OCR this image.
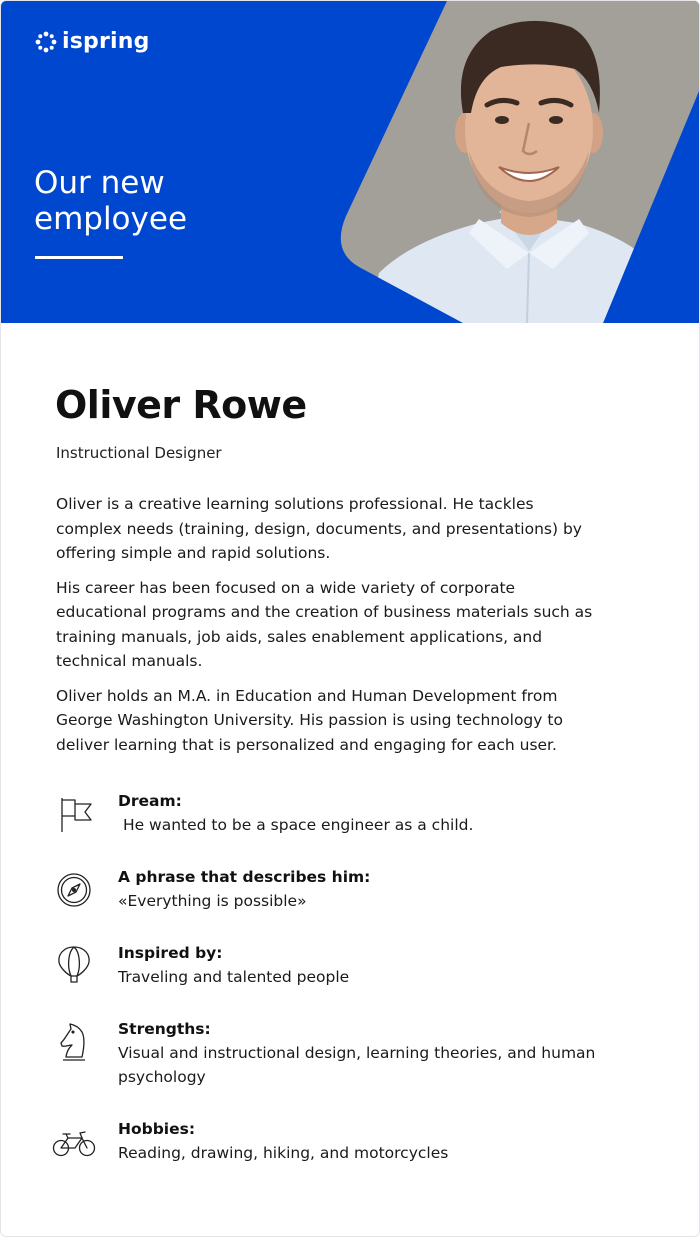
ispring
Our new employee
Oliver Rowe
Instructional Designer

Oliver is a creative learning solutions professional. He tackles complex needs (training, design, documents, and presentations) by offering simple and rapid solutions.

His career has been focused on a wide variety of corporate educational programs and the creation of business materials such as training manuals, job aids, sales enablement applications, and technical manuals.

Oliver holds an M.A. in Education and Human Development from George Washington University. His passion is using technology to deliver learning that is personalized and engaging for each user.

Dream:
He wanted to be a space engineer as a child.
A phrase that describes him:
«Everything is possible»
Inspired by:
Traveling and talented people
Strengths:
Visual and instructional design, learning theories, and human psychology
Hobbies:
Reading, drawing, hiking, and motorcycles
